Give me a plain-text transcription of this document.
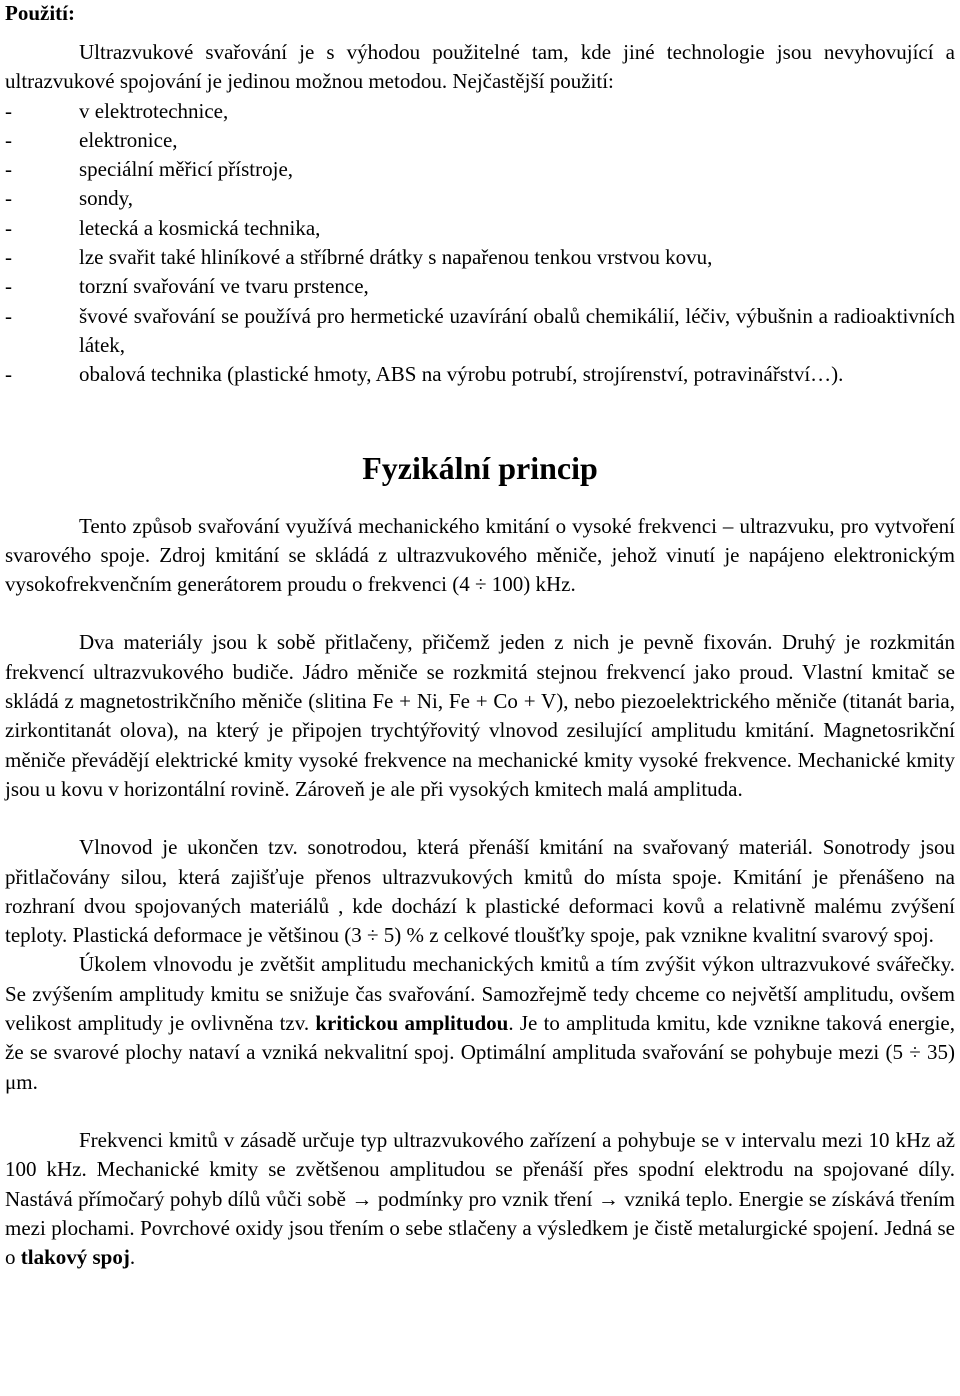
Použití:

Ultrazvukové svařování je s výhodou použitelné tam, kde jiné technologie jsou nevyhovující a ultrazvukové spojování je jedinou možnou metodou. Nejčastější použití:

-	v elektrotechnice,
-	elektronice,
-	speciální měřicí přístroje,
-	sondy,
-	letecká a kosmická technika,
-	lze svařit také hliníkové a stříbrné drátky s napařenou tenkou vrstvou kovu,
-	torzní svařování ve tvaru prstence,
-	švové svařování se používá pro hermetické uzavírání obalů chemikálií, léčiv, výbušnin a radioaktivních látek,
-	obalová technika (plastické hmoty, ABS na výrobu potrubí, strojírenství, potravinářství…).
Fyzikální princip

Tento způsob svařování využívá mechanického kmitání o vysoké frekvenci – ultrazvuku, pro vytvoření svarového spoje. Zdroj kmitání se skládá z ultrazvukového měniče, jehož vinutí je napájeno elektronickým vysokofrekvenčním generátorem proudu o frekvenci (4 ÷ 100) kHz.

Dva materiály jsou k sobě přitlačeny, přičemž jeden z nich je pevně fixován. Druhý je rozkmitán frekvencí ultrazvukového budiče. Jádro měniče se rozkmitá stejnou frekvencí jako proud. Vlastní kmitač se skládá z magnetostrikčního měniče (slitina Fe + Ni, Fe + Co + V), nebo piezoelektrického měniče (titanát baria, zirkontitanát olova), na který je připojen trychtýřovitý vlnovod zesilující amplitudu kmitání. Magnetosrikční měniče převádějí elektrické kmity vysoké frekvence na mechanické kmity vysoké frekvence. Mechanické kmity jsou u kovu v horizontální rovině. Zároveň je ale při vysokých kmitech malá amplituda.

Vlnovod je ukončen tzv. sonotrodou, která přenáší kmitání na svařovaný materiál. Sonotrody jsou přitlačovány silou, která zajišťuje přenos ultrazvukových kmitů do místa spoje. Kmitání je přenášeno na rozhraní dvou spojovaných materiálů , kde dochází k plastické deformaci kovů a relativně malému zvýšení teploty. Plastická deformace je většinou (3 ÷ 5) % z celkové tloušťky spoje, pak vznikne kvalitní svarový spoj.

Úkolem vlnovodu je zvětšit amplitudu mechanických kmitů a tím zvýšit výkon ultrazvukové svářečky. Se zvýšením amplitudy kmitu se snižuje čas svařování. Samozřejmě tedy chceme co největší amplitudu, ovšem velikost amplitudy je ovlivněna tzv. kritickou amplitudou. Je to amplituda kmitu, kde vznikne taková energie, že se svarové plochy nataví a vzniká nekvalitní spoj. Optimální amplituda svařování se pohybuje mezi (5 ÷ 35) μm.

Frekvenci kmitů v zásadě určuje typ ultrazvukového zařízení a pohybuje se v intervalu mezi 10 kHz až 100 kHz. Mechanické kmity se zvětšenou amplitudou se přenáší přes spodní elektrodu na spojované díly. Nastává přímočarý pohyb dílů vůči sobě → podmínky pro vznik tření → vzniká teplo. Energie se získává třením mezi plochami. Povrchové oxidy jsou třením o sebe stlačeny a výsledkem je čistě metalurgické spojení. Jedná se o tlakový spoj.
